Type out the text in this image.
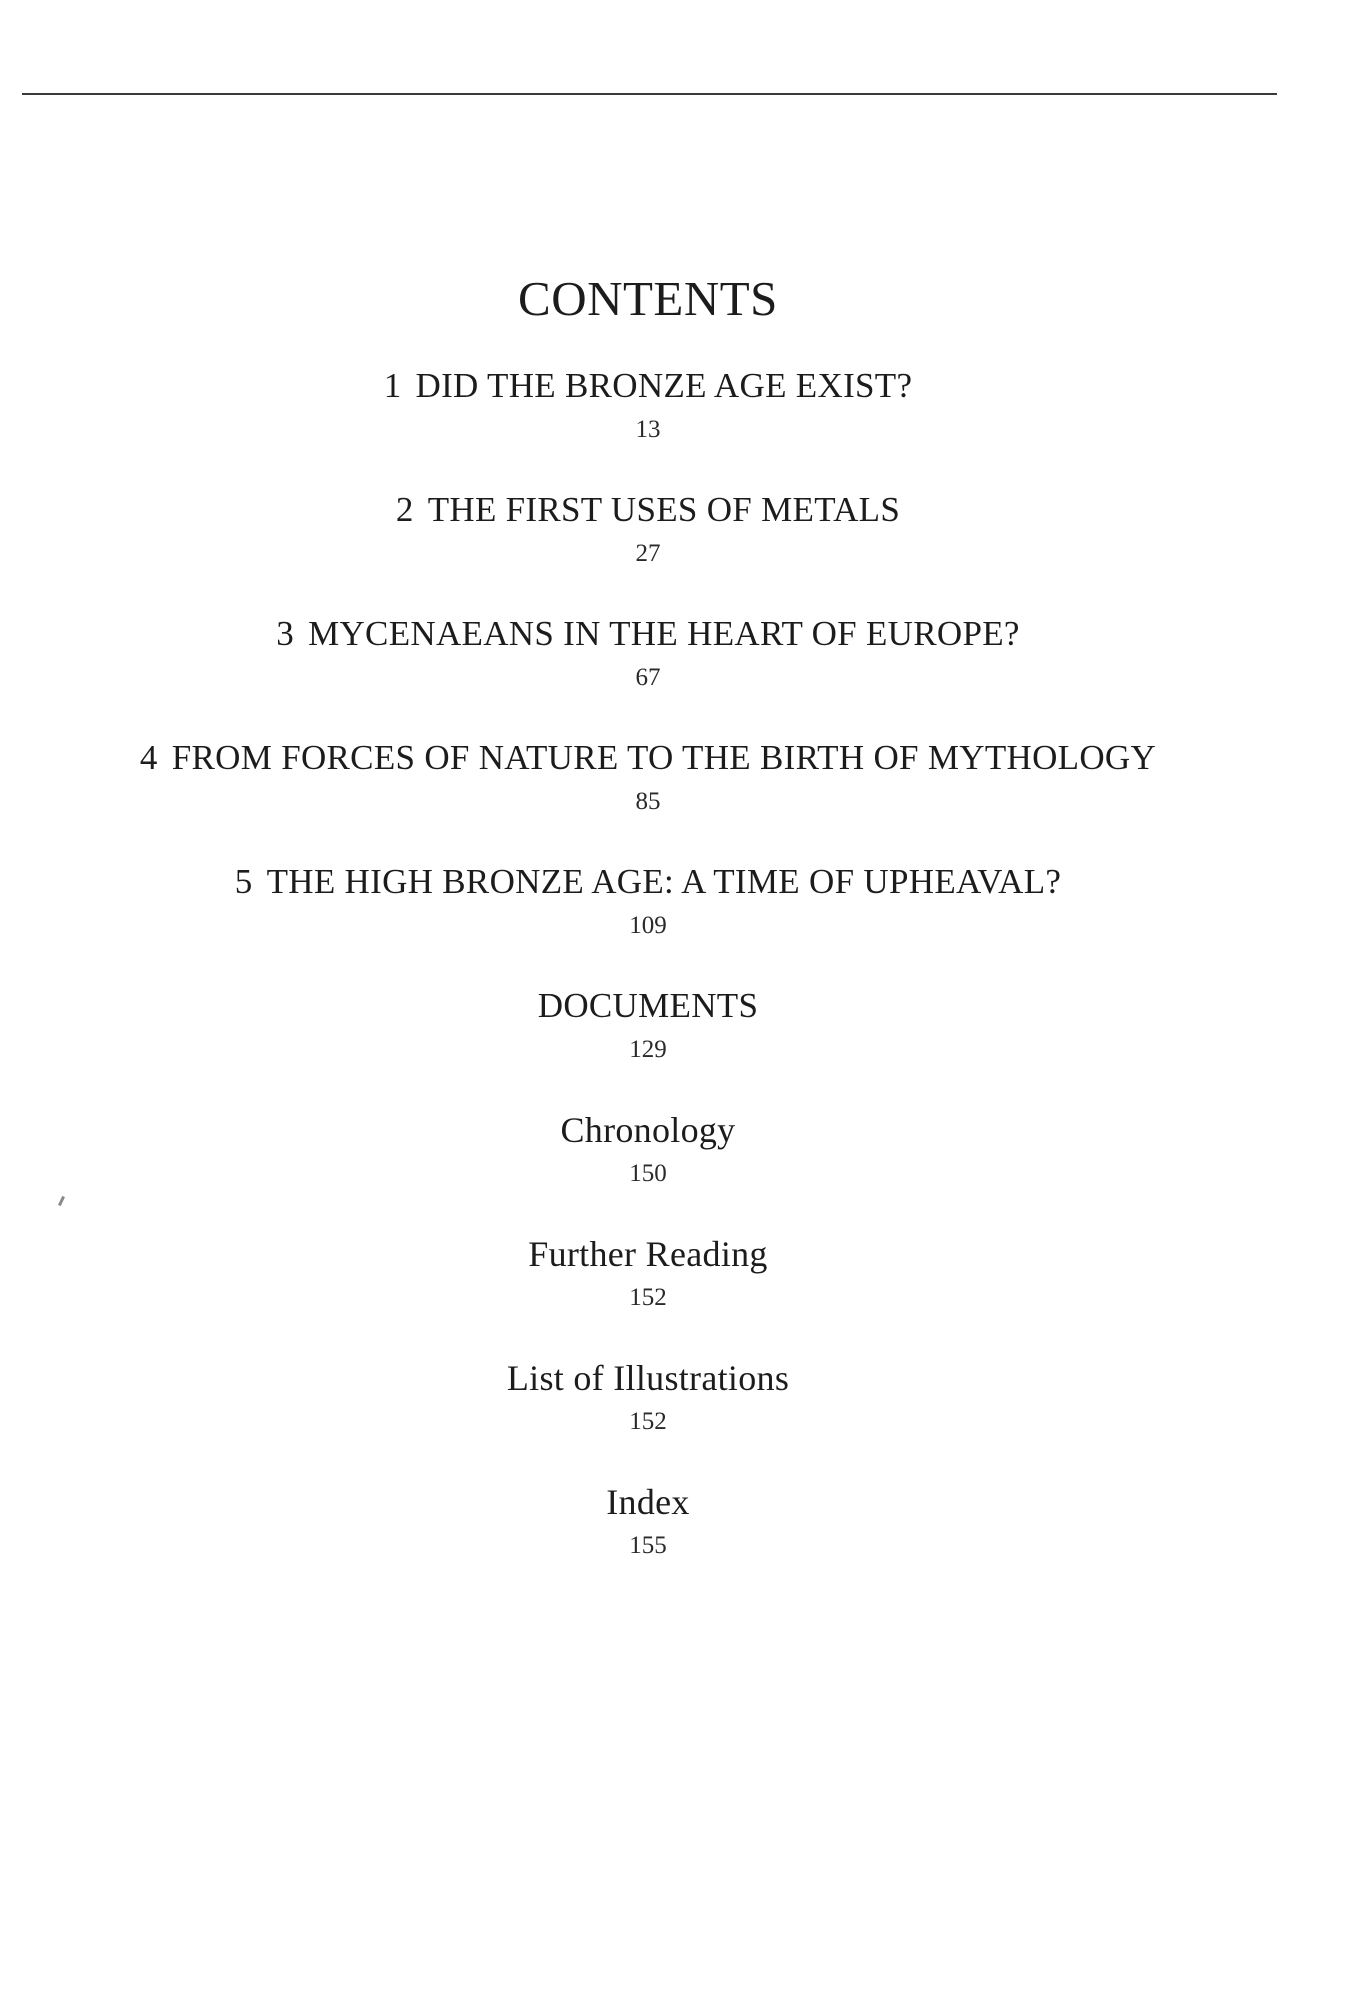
CONTENTS
1 DID THE BRONZE AGE EXIST?
13
2 THE FIRST USES OF METALS
27
3 MYCENAEANS IN THE HEART OF EUROPE?
67
4 FROM FORCES OF NATURE TO THE BIRTH OF MYTHOLOGY
85
5 THE HIGH BRONZE AGE: A TIME OF UPHEAVAL?
109
DOCUMENTS
129
Chronology
150
Further Reading
152
List of Illustrations
152
Index
155
